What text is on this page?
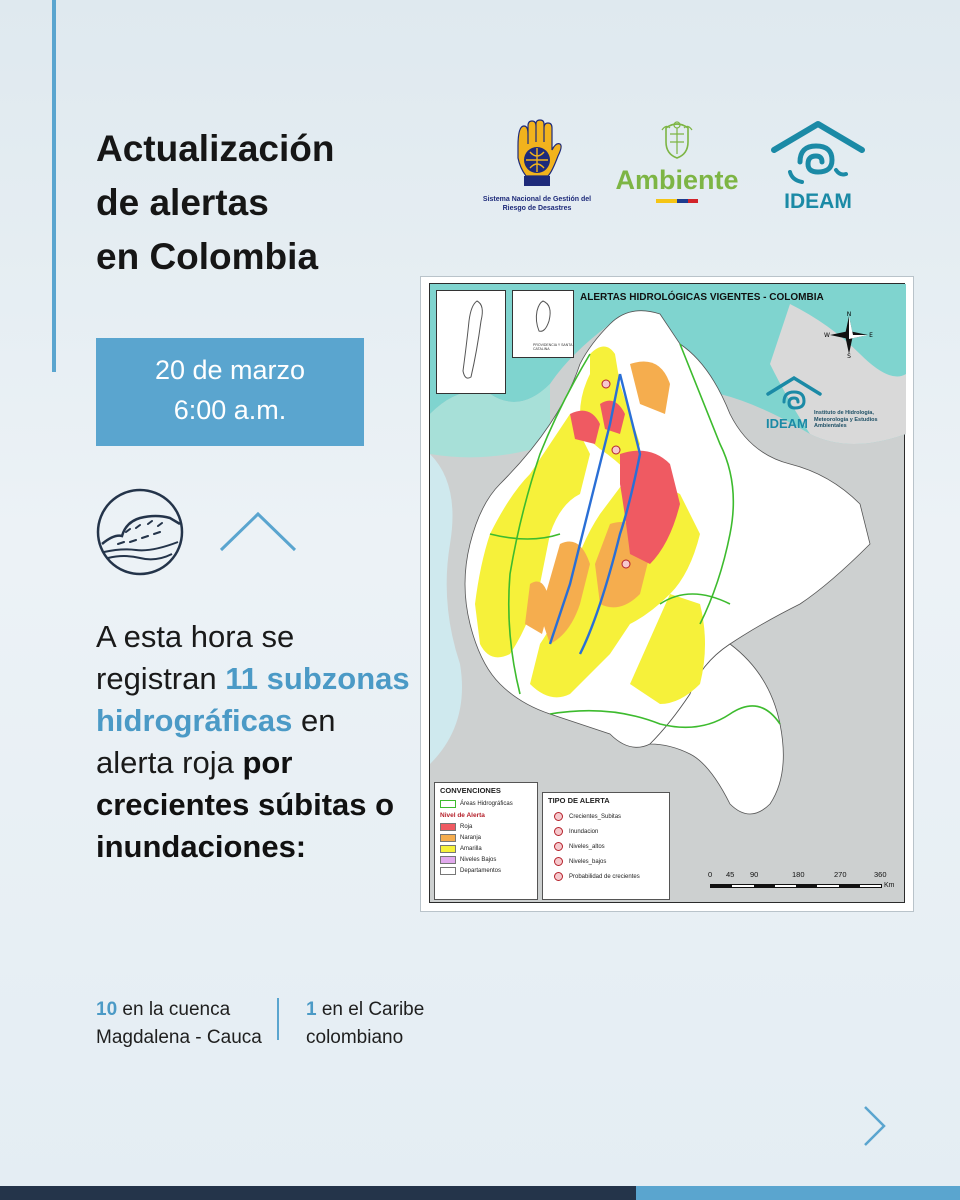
Actualización
de alertas
en Colombia
Sistema Nacional de Gestión del Riesgo de Desastres
Ambiente
IDEAM
20 de marzo
6:00 a.m.

A esta hora se registran 11 subzonas hidrográficas en alerta roja por crecientes súbitas o inundaciones:

10 en la cuenca Magdalena - Cauca
1 en el Caribe colombiano
PROVIDENCIA Y SANTA CATALINA
ALERTAS HIDROLÓGICAS VIGENTES - COLOMBIA
N
S
E
W
IDEAM
Instituto de Hidrología, Meteorología y Estudios Ambientales
CONVENCIONES
Áreas Hidrográficas
Nivel de Alerta
Roja
Naranja
Amarilla
Niveles Bajos
Departamentos
TIPO DE ALERTA
Crecientes_Subitas
Inundacion
Niveles_altos
Niveles_bajos
Probabilidad de crecientes	0 45 90	180	270	360
Km
